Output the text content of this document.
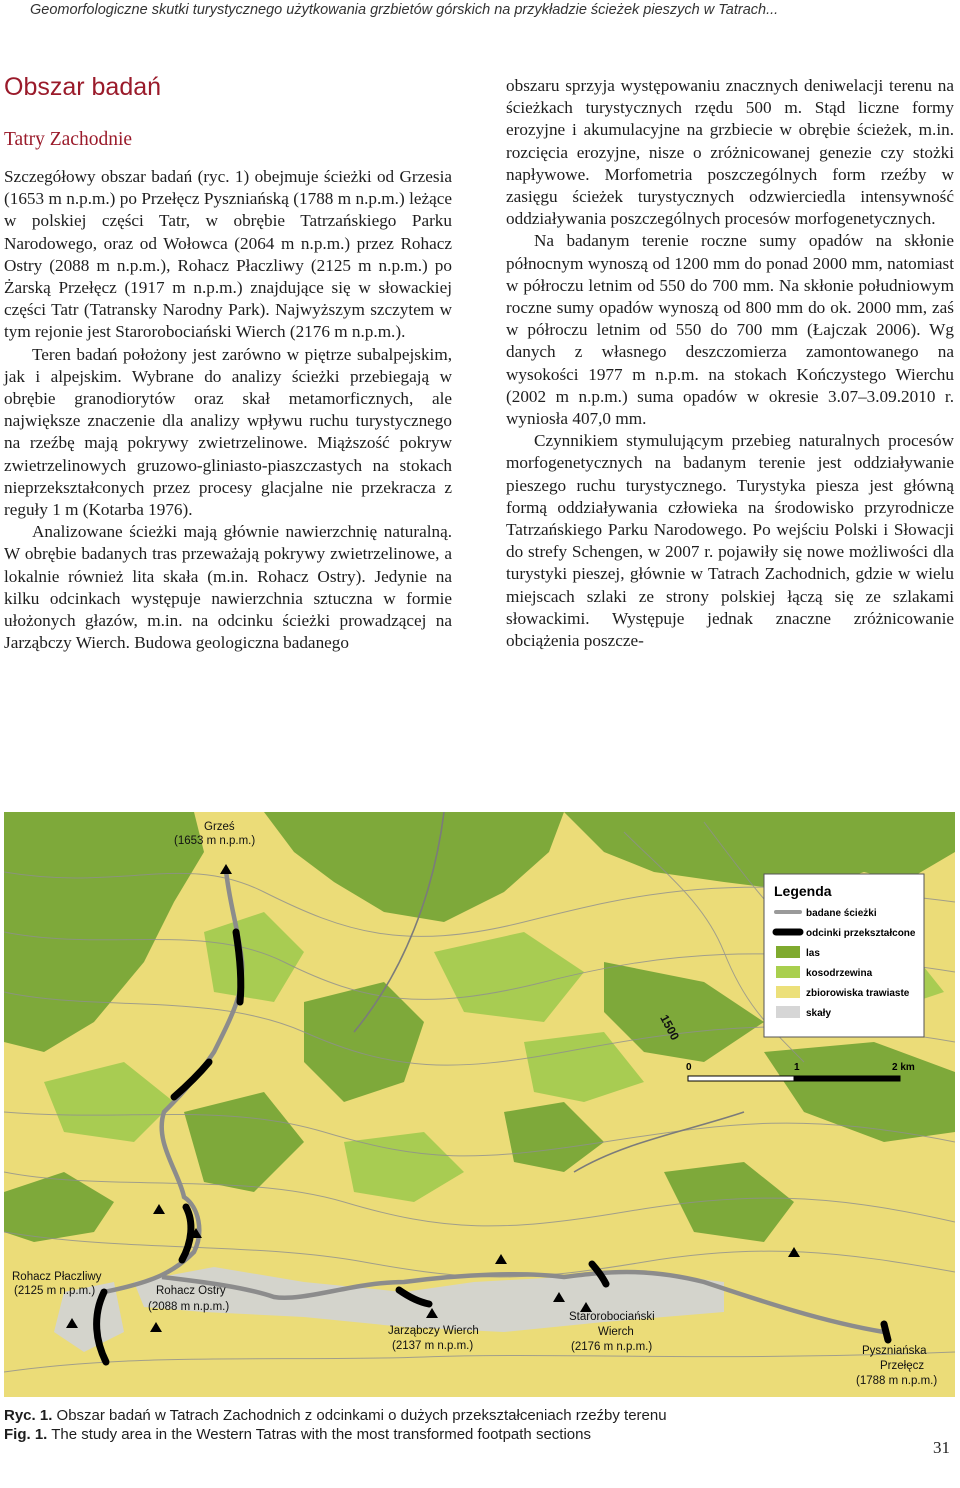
Geomorfologiczne skutki turystycznego użytkowania grzbietów górskich na przykładzie ścieżek pieszych w Tatrach...
Obszar badań
Tatry Zachodnie

Szczegółowy obszar badań (ryc. 1) obejmuje ścieżki od Grzesia (1653 m n.p.m.) po Przełęcz Pyszniańską (1788 m n.p.m.) leżące w polskiej części Tatr, w obrębie Tatrzańskiego Parku Narodowego, oraz od Wołowca (2064 m n.p.m.) przez Rohacz Ostry (2088 m n.p.m.), Rohacz Płaczliwy (2125 m n.p.m.) po Żarską Przełęcz (1917 m n.p.m.) znajdujące się w słowackiej części Tatr (Tatransky Narodny Park). Najwyższym szczytem w tym rejonie jest Starorobociański Wierch (2176 m n.p.m.).

Teren badań położony jest zarówno w piętrze subalpejskim, jak i alpejskim. Wybrane do analizy ścieżki przebiegają w obrębie granodiorytów oraz skał metamorficznych, ale największe znaczenie dla analizy wpływu ruchu turystycznego na rzeźbę mają pokrywy zwietrzelinowe. Miąższość pokryw zwietrzelinowych gruzowo-gliniasto-piaszczastych na stokach nieprzekształconych przez procesy glacjalne nie przekracza z reguły 1 m (Kotarba 1976).

Analizowane ścieżki mają głównie nawierzchnię naturalną. W obrębie badanych tras przeważają pokrywy zwietrzelinowe, a lokalnie również lita skała (m.in. Rohacz Ostry). Jedynie na kilku odcinkach występuje nawierzchnia sztuczna w formie ułożonych głazów, m.in. na odcinku ścieżki prowadzącej na Jarząbczy Wierch. Budowa geologiczna badanego

obszaru sprzyja występowaniu znacznych deniwelacji terenu na ścieżkach turystycznych rzędu 500 m. Stąd liczne formy erozyjne i akumulacyjne na grzbiecie w obrębie ścieżek, m.in. rozcięcia erozyjne, nisze o zróżnicowanej genezie czy stożki napływowe. Morfometria poszczególnych form rzeźby w zasięgu ścieżek turystycznych odzwierciedla intensywność oddziaływania poszczególnych procesów morfogenetycznych.

Na badanym terenie roczne sumy opadów na skłonie północnym wynoszą od 1200 mm do ponad 2000 mm, natomiast w półroczu letnim od 550 do 700 mm. Na skłonie południowym roczne sumy opadów wynoszą od 800 mm do ok. 2000 mm, zaś w półroczu letnim od 550 do 700 mm (Łajczak 2006). Wg danych z własnego deszczomierza zamontowanego na wysokości 1977 m n.p.m. na stokach Kończystego Wierchu (2002 m n.p.m.) suma opadów w okresie 3.07–3.09.2010 r. wyniosła 407,0 mm.

Czynnikiem stymulującym przebieg naturalnych procesów morfogenetycznych na badanym terenie jest oddziaływanie pieszego ruchu turystycznego. Turystyka piesza jest główną formą oddziaływania człowieka na środowisko przyrodnicze Tatrzańskiego Parku Narodowego. Po wejściu Polski i Słowacji do strefy Schengen, w 2007 r. pojawiły się nowe możliwości dla turystyki pieszej, głównie w Tatrach Zachodnich, gdzie w wielu miejscach szlaki ze strony polskiej łączą się ze szlakami słowackimi. Występuje jednak znaczne zróżnicowanie obciążenia poszcze-

Grześ
(1653 m n.p.m.)
Rohacz Płaczliwy
(2125 m n.p.m.)	Rohacz Ostry
(2088 m n.p.m.)
Jarząbczy Wierch
(2137 m n.p.m.)
Starorobociański
Wierch
(2176 m n.p.m.)	Pyszniańska
Przełęcz
(1788 m n.p.m.)
1500
Legenda
badane ścieżki
odcinki przekształcone
las
kosodrzewina
zbiorowiska trawiaste
skały
0	1	2 km
Ryc. 1. Obszar badań w Tatrach Zachodnich z odcinkami o dużych przekształceniach rzeźby terenu
Fig. 1. The study area in the Western Tatras with the most transformed footpath sections
31
